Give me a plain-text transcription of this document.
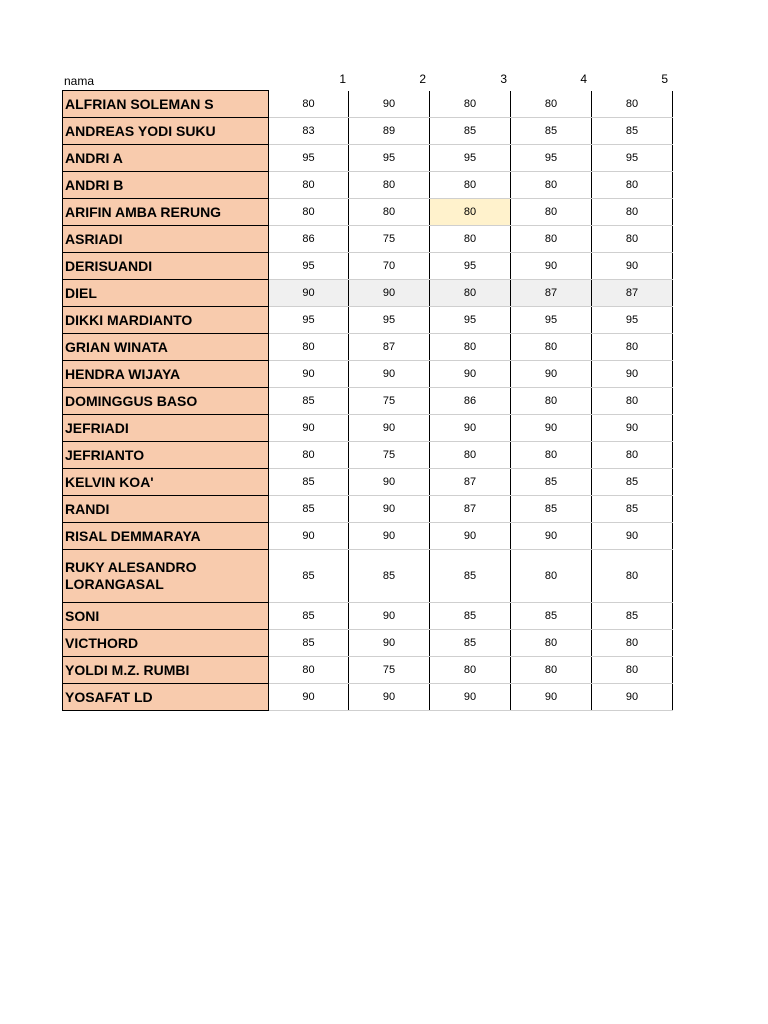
nama	1	2	3	4	5
ALFRIAN SOLEMAN S	80	90	80	80	80
ANDREAS YODI SUKU	83	89	85	85	85
ANDRI A	95	95	95	95	95
ANDRI B	80	80	80	80	80
ARIFIN AMBA RERUNG	80	80	80	80	80
ASRIADI	86	75	80	80	80
DERISUANDI	95	70	95	90	90
DIEL	90	90	80	87	87
DIKKI MARDIANTO	95	95	95	95	95
GRIAN WINATA	80	87	80	80	80
HENDRA WIJAYA	90	90	90	90	90
DOMINGGUS BASO	85	75	86	80	80
JEFRIADI	90	90	90	90	90
JEFRIANTO	80	75	80	80	80
KELVIN KOA'	85	90	87	85	85
RANDI	85	90	87	85	85
RISAL DEMMARAYA	90	90	90	90	90
RUKY ALESANDRO LORANGASAL	85	85	85	80	80
SONI	85	90	85	85	85
VICTHORD	85	90	85	80	80
YOLDI M.Z. RUMBI	80	75	80	80	80
YOSAFAT LD	90	90	90	90	90
